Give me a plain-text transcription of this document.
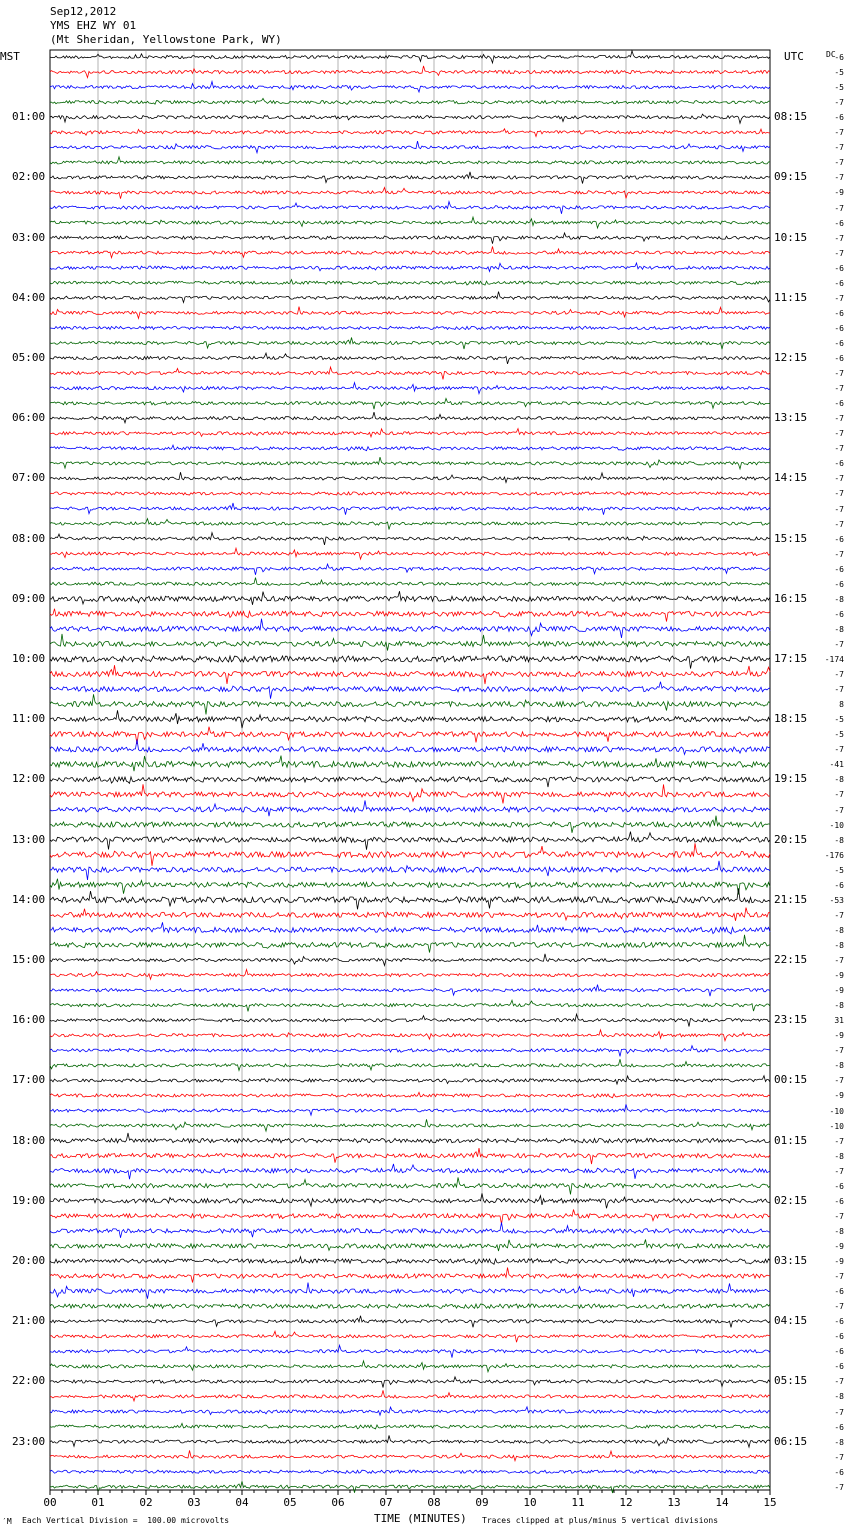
Sep12,2012
YMS EHZ WY 01
(Mt Sheridan, Yellowstone Park, WY)
MST	UTC	DC
00	01	02	03	04	05	06	07	08	09	10	11	12	13	14	15
01:00
02:00
03:00
04:00
05:00
06:00
07:00
08:00
09:00
10:00
11:00
12:00
13:00
14:00
15:00
16:00
17:00
18:00
19:00
20:00
21:00
22:00
23:00
08:15
09:15
10:15
11:15
12:15
13:15
14:15
15:15
16:15
17:15
18:15
19:15
20:15
21:15
22:15
23:15
00:15
01:15
02:15
03:15
04:15
05:15
06:15
-6
-5
-5
-7
-6
-7
-7
-7
-7
-9
-7
-6
-7
-7
-6
-6
-7
-6
-6
-6
-6
-7
-7
-6
-7
-7
-7
-6
-7
-7
-7
-7
-6
-7
-6
-6
-8
-6
-8
-7
-174
-7
-7
8
-5
-5
-7
-41
-8
-7
-7
-10
-8
-176
-5
-6
-53
-7
-8
-8
-7
-9
-9
-8
31
-9
-7
-8
-7
-9
-10
-10
-7
-8
-7
-6
-6
-7
-8
-9
-9
-7
-6
-7
-6
-6
-6
-6
-7
-8
-7
-6
-8
-7
-6
-7
TIME (MINUTES)
′M Each Vertical Division =  100.00 microvolts	Traces clipped at plus/minus 5 vertical divisions
